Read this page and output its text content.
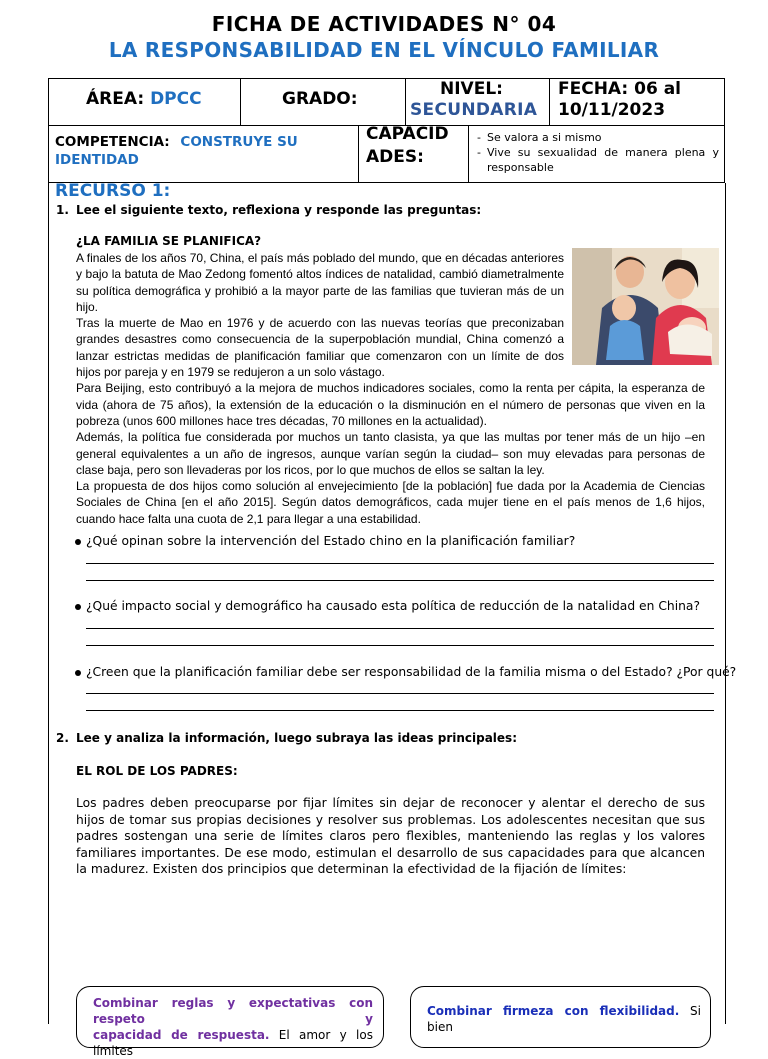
FICHA DE ACTIVIDADES N° 04
LA RESPONSABILIDAD EN EL VÍNCULO FAMILIAR
ÁREA: DPCC	GRADO:	NIVEL:
SECUNDARIA
FECHA: 06 al
10/11/2023
COMPETENCIA: CONSTRUYE SU
IDENTIDAD
CAPACID
ADES:
- Se valora a si mismo
- Vive su sexualidad de manera plena y responsable
RECURSO 1:
1. Lee el siguiente texto, reflexiona y responde las preguntas:
¿LA FAMILIA SE PLANIFICA?
A finales de los años 70, China, el país más poblado del mundo, que en décadas anteriores y bajo la batuta de Mao Zedong fomentó altos índices de natalidad, cambió diametralmente su política demográfica y prohibió a la mayor parte de las familias que tuvieran más de un hijo.
Tras la muerte de Mao en 1976 y de acuerdo con las nuevas teorías que preconizaban grandes desastres como consecuencia de la superpoblación mundial, China comenzó a lanzar estrictas medidas de planificación familiar que comenzaron con un límite de dos hijos por pareja y en 1979 se redujeron a un solo vástago.
Para Beijing, esto contribuyó a la mejora de muchos indicadores sociales, como la renta per cápita, la esperanza de vida (ahora de 75 años), la extensión de la educación o la disminución en el número de personas que viven en la pobreza (unos 600 millones hace tres décadas, 70 millones en la actualidad).
Además, la política fue considerada por muchos un tanto clasista, ya que las multas por tener más de un hijo –en general equivalentes a un año de ingresos, aunque varían según la ciudad– son muy elevadas para personas de clase baja, pero son llevaderas por los ricos, por lo que muchos de ellos se saltan la ley.
La propuesta de dos hijos como solución al envejecimiento [de la población] fue dada por la Academia de Ciencias Sociales de China [en el año 2015]. Según datos demográficos, cada mujer tiene en el país menos de 1,6 hijos, cuando hace falta una cuota de 2,1 para llegar a una estabilidad.
¿Qué opinan sobre la intervención del Estado chino en la planificación familiar?
¿Qué impacto social y demográfico ha causado esta política de reducción de la natalidad en China?
¿Creen que la planificación familiar debe ser responsabilidad de la familia misma o del Estado? ¿Por qué?
2. Lee y analiza la información, luego subraya las ideas principales:
EL ROL DE LOS PADRES:
Los padres deben preocuparse por fijar límites sin dejar de reconocer y alentar el derecho de sus hijos de tomar sus propias decisiones y resolver sus problemas. Los adolescentes necesitan que sus padres sostengan una serie de límites claros pero flexibles, manteniendo las reglas y los valores familiares importantes. De ese modo, estimulan el desarrollo de sus capacidades para que alcancen la madurez. Existen dos principios que determinan la efectividad de la fijación de límites:
Combinar reglas y expectativas con respeto y
capacidad de respuesta. El amor y los límites
Combinar firmeza con flexibilidad. Si bien
